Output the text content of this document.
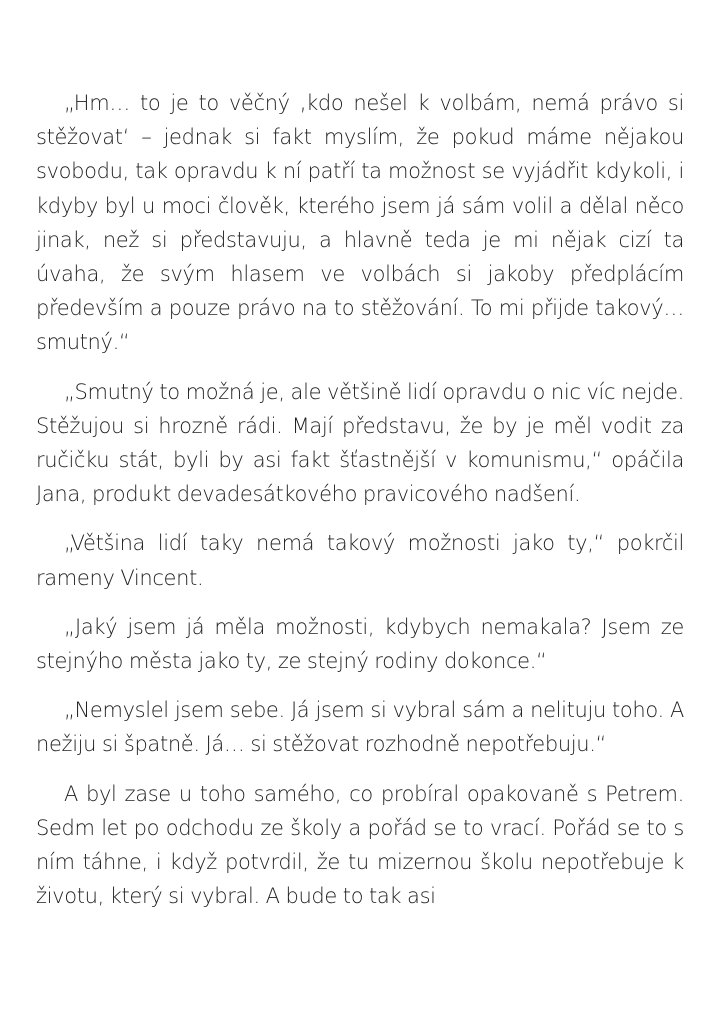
„Hm… to je to věčný ‚kdo nešel k volbám, nemá právo si stěžovat‘ – jednak si fakt myslím, že pokud máme nějakou svobodu, tak opravdu k ní patří ta možnost se vyjádřit kdykoli, i kdyby byl u moci člověk, kterého jsem já sám volil a dělal něco jinak, než si představuju, a hlavně teda je mi nějak cizí ta úvaha, že svým hlasem ve volbách si jakoby předplácím především a pouze právo na to stěžování. To mi přijde takový… smutný.“

„Smutný to možná je, ale většině lidí opravdu o nic víc nejde. Stěžujou si hrozně rádi. Mají představu, že by je měl vodit za ručičku stát, byli by asi fakt šťastnější v komunismu,“ opáčila Jana, produkt devadesátkového pravicového nadšení.

„Většina lidí taky nemá takový možnosti jako ty,“ pokrčil rameny Vincent.

„Jaký jsem já měla možnosti, kdybych nemakala? Jsem ze stejnýho města jako ty, ze stejný rodiny dokonce.“

„Nemyslel jsem sebe. Já jsem si vybral sám a nelituju toho. A nežiju si špatně. Já… si stěžovat rozhodně nepotřebuju.“

A byl zase u toho samého, co probíral opakovaně s Petrem. Sedm let po odchodu ze školy a pořád se to vrací. Pořád se to s ním táhne, i když potvrdil, že tu mizernou školu nepotřebuje k životu, který si vybral. A bude to tak asi
